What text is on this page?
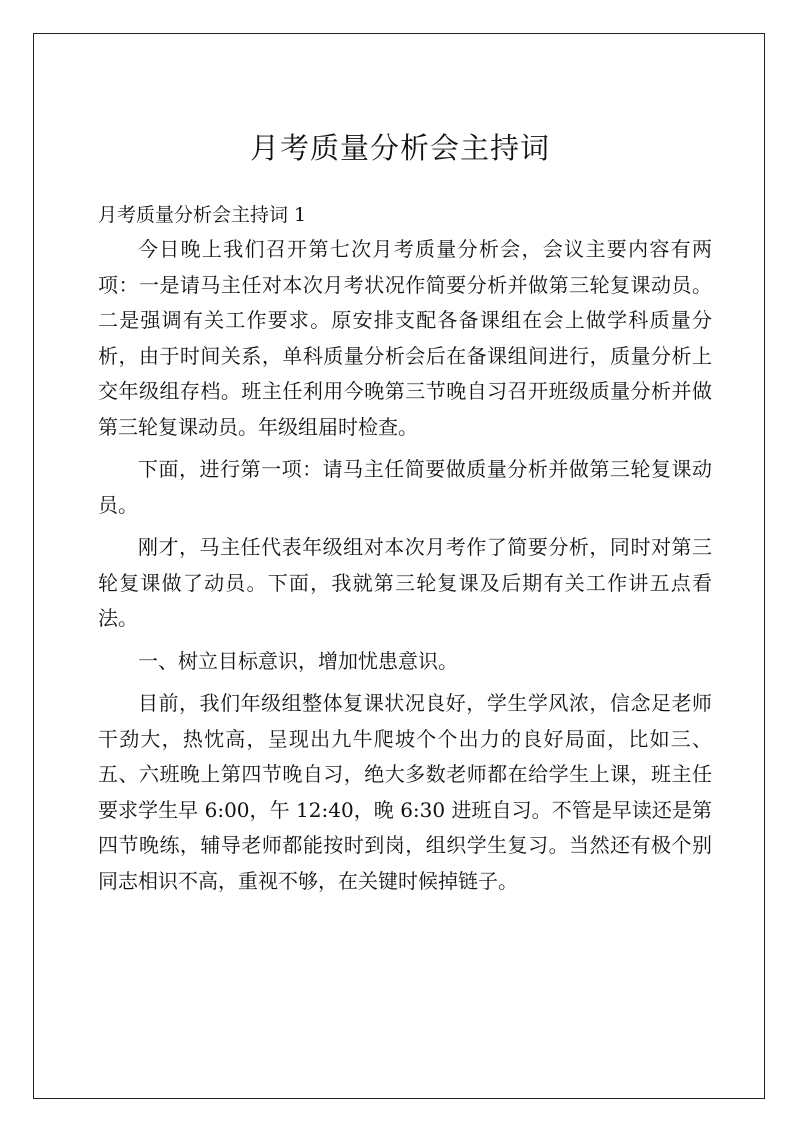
月考质量分析会主持词

月考质量分析会主持词 1

今日晚上我们召开第七次月考质量分析会，会议主要内容有两项：一是请马主任对本次月考状况作简要分析并做第三轮复课动员。二是强调有关工作要求。原安排支配各备课组在会上做学科质量分析，由于时间关系，单科质量分析会后在备课组间进行，质量分析上交年级组存档。班主任利用今晚第三节晚自习召开班级质量分析并做第三轮复课动员。年级组届时检查。

下面，进行第一项：请马主任简要做质量分析并做第三轮复课动员。

刚才，马主任代表年级组对本次月考作了简要分析，同时对第三轮复课做了动员。下面，我就第三轮复课及后期有关工作讲五点看法。

一、树立目标意识，增加忧患意识。

目前，我们年级组整体复课状况良好，学生学风浓，信念足老师干劲大，热忱高，呈现出九牛爬坡个个出力的良好局面，比如三、五、六班晚上第四节晚自习，绝大多数老师都在给学生上课，班主任要求学生早 6:00，午 12:40，晚 6:30 进班自习。不管是早读还是第四节晚练，辅导老师都能按时到岗，组织学生复习。当然还有极个别同志相识不高，重视不够，在关键时候掉链子。
